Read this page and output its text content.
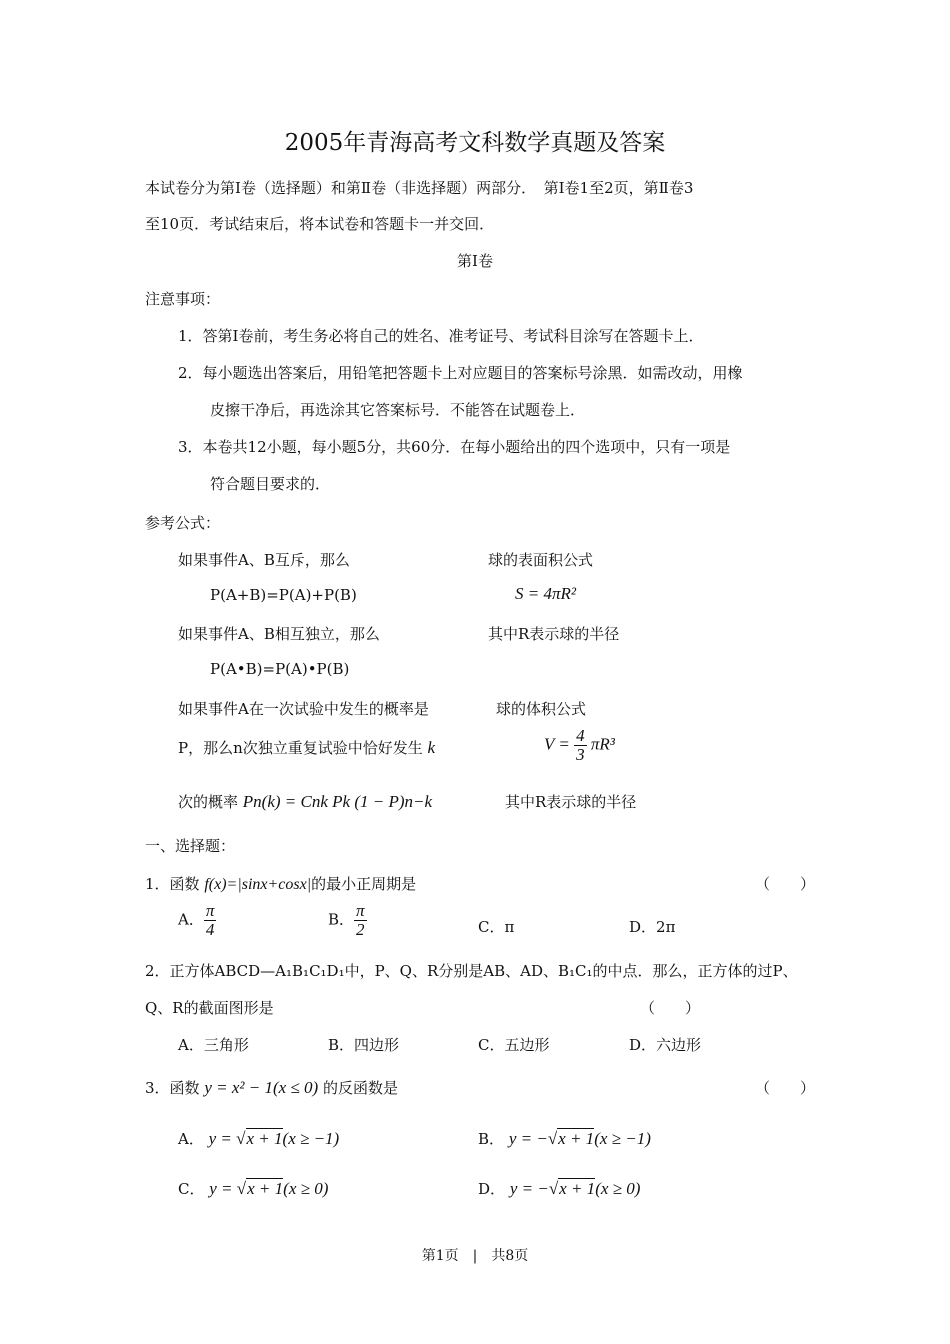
2005年青海高考文科数学真题及答案
本试卷分为第Ⅰ卷（选择题）和第Ⅱ卷（非选择题）两部分．　第Ⅰ卷1至2页，第Ⅱ卷3
至10页．考试结束后，将本试卷和答题卡一并交回．
第Ⅰ卷
注意事项：
1．答第Ⅰ卷前，考生务必将自己的姓名、准考证号、考试科目涂写在答题卡上．
2．每小题选出答案后，用铅笔把答题卡上对应题目的答案标号涂黑．如需改动，用橡
皮擦干净后，再选涂其它答案标号．不能答在试题卷上．
3．本卷共12小题，每小题5分，共60分．在每小题给出的四个选项中，只有一项是
符合题目要求的．
参考公式：
如果事件A、B互斥，那么	球的表面积公式
P(A+B)=P(A)+P(B)	S = 4πR²
如果事件A、B相互独立，那么	其中R表示球的半径
P(A•B)=P(A)•P(B)
如果事件A在一次试验中发生的概率是	球的体积公式
P，那么n次独立重复试验中恰好发生 k	$V = \frac{4}{3} \pi R^3$
次的概率 Pn(k) = Cnk Pk (1 − P)n−k	其中R表示球的半径
一、选择题：
1．函数 f(x)=|sinx+cosx|的最小正周期是	（　　）
A． $\frac{\pi}{4}$	B． $\frac{\pi}{2}$	C．π	D．2π
2．正方体ABCD—A₁B₁C₁D₁中，P、Q、R分别是AB、AD、B₁C₁的中点．那么，正方体的过P、
Q、R的截面图形是	（　　）
A．三角形	B．四边形	C．五边形	D．六边形
3．函数 y = x² − 1(x ≤ 0) 的反函数是	（　　）
A． y = √x + 1(x ≥ −1)	B． y = −√x + 1(x ≥ −1)
C． y = √x + 1(x ≥ 0)	D． y = −√x + 1(x ≥ 0)
第1页　|　共8页
